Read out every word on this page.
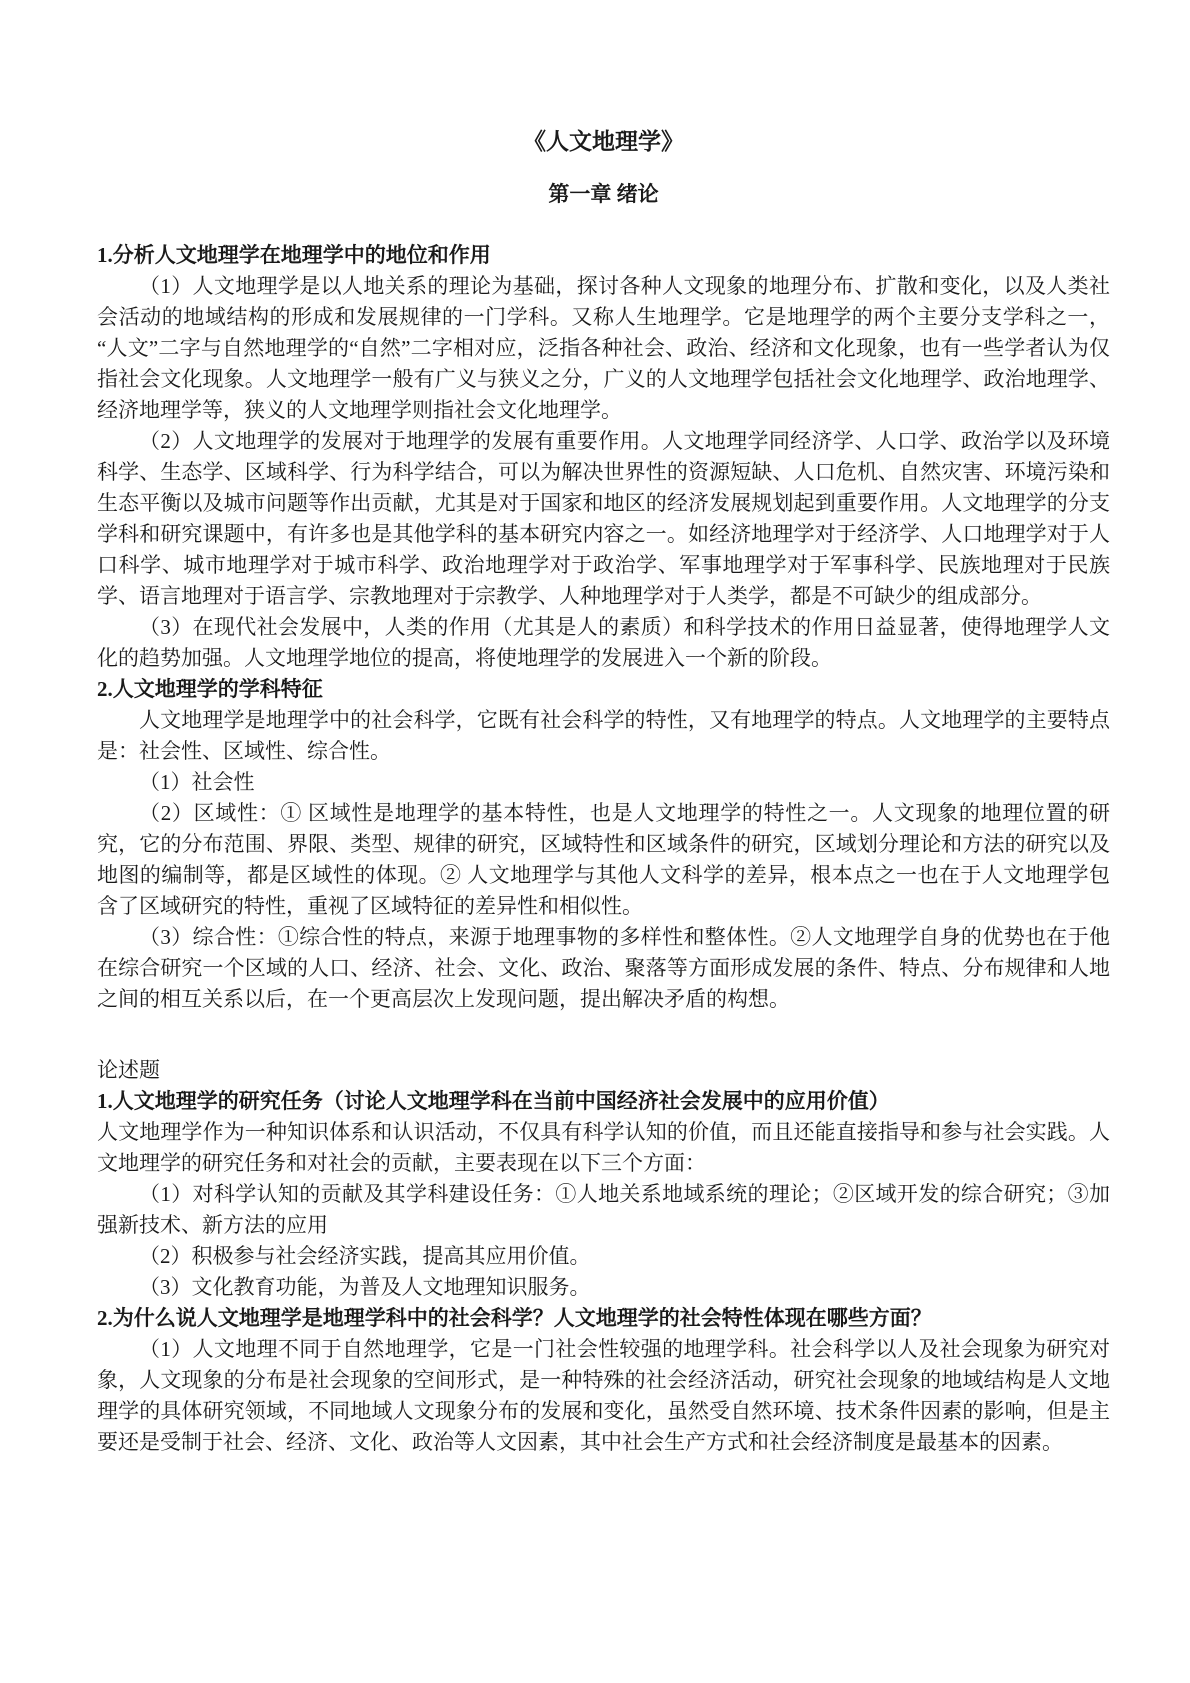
《人文地理学》
第一章 绪论
1.分析人文地理学在地理学中的地位和作用

（1）人文地理学是以人地关系的理论为基础，探讨各种人文现象的地理分布、扩散和变化，以及人类社会活动的地域结构的形成和发展规律的一门学科。又称人生地理学。它是地理学的两个主要分支学科之一，“人文”二字与自然地理学的“自然”二字相对应，泛指各种社会、政治、经济和文化现象，也有一些学者认为仅指社会文化现象。人文地理学一般有广义与狭义之分，广义的人文地理学包括社会文化地理学、政治地理学、经济地理学等，狭义的人文地理学则指社会文化地理学。

（2）人文地理学的发展对于地理学的发展有重要作用。人文地理学同经济学、人口学、政治学以及环境科学、生态学、区域科学、行为科学结合，可以为解决世界性的资源短缺、人口危机、自然灾害、环境污染和生态平衡以及城市问题等作出贡献，尤其是对于国家和地区的经济发展规划起到重要作用。人文地理学的分支学科和研究课题中，有许多也是其他学科的基本研究内容之一。如经济地理学对于经济学、人口地理学对于人口科学、城市地理学对于城市科学、政治地理学对于政治学、军事地理学对于军事科学、民族地理对于民族学、语言地理对于语言学、宗教地理对于宗教学、人种地理学对于人类学，都是不可缺少的组成部分。

（3）在现代社会发展中，人类的作用（尤其是人的素质）和科学技术的作用日益显著，使得地理学人文化的趋势加强。人文地理学地位的提高，将使地理学的发展进入一个新的阶段。

2.人文地理学的学科特征

人文地理学是地理学中的社会科学，它既有社会科学的特性，又有地理学的特点。人文地理学的主要特点是：社会性、区域性、综合性。

（1）社会性

（2）区域性：① 区域性是地理学的基本特性，也是人文地理学的特性之一。人文现象的地理位置的研究，它的分布范围、界限、类型、规律的研究，区域特性和区域条件的研究，区域划分理论和方法的研究以及地图的编制等，都是区域性的体现。② 人文地理学与其他人文科学的差异，根本点之一也在于人文地理学包含了区域研究的特性，重视了区域特征的差异性和相似性。

（3）综合性：①综合性的特点，来源于地理事物的多样性和整体性。②人文地理学自身的优势也在于他在综合研究一个区域的人口、经济、社会、文化、政治、聚落等方面形成发展的条件、特点、分布规律和人地之间的相互关系以后，在一个更高层次上发现问题，提出解决矛盾的构想。

论述题

1.人文地理学的研究任务（讨论人文地理学科在当前中国经济社会发展中的应用价值）

人文地理学作为一种知识体系和认识活动，不仅具有科学认知的价值，而且还能直接指导和参与社会实践。人文地理学的研究任务和对社会的贡献，主要表现在以下三个方面：

（1）对科学认知的贡献及其学科建设任务：①人地关系地域系统的理论；②区域开发的综合研究；③加强新技术、新方法的应用

（2）积极参与社会经济实践，提高其应用价值。

（3）文化教育功能，为普及人文地理知识服务。

2.为什么说人文地理学是地理学科中的社会科学？人文地理学的社会特性体现在哪些方面？

（1）人文地理不同于自然地理学，它是一门社会性较强的地理学科。社会科学以人及社会现象为研究对象，人文现象的分布是社会现象的空间形式，是一种特殊的社会经济活动，研究社会现象的地域结构是人文地理学的具体研究领域，不同地域人文现象分布的发展和变化，虽然受自然环境、技术条件因素的影响，但是主要还是受制于社会、经济、文化、政治等人文因素，其中社会生产方式和社会经济制度是最基本的因素。
